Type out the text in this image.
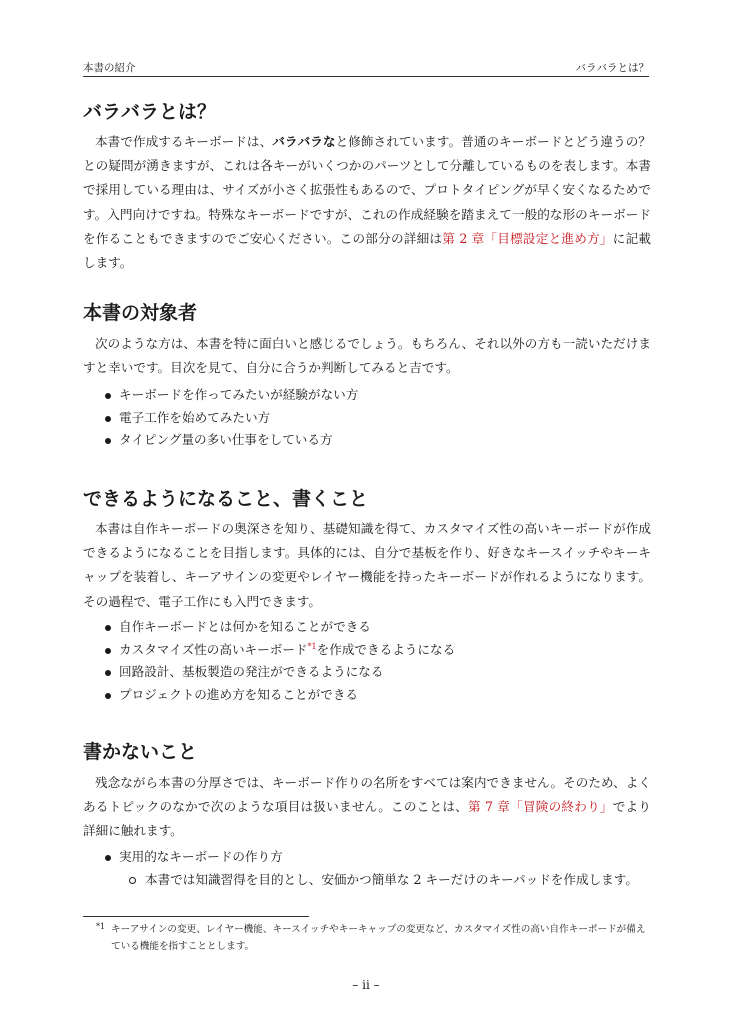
本書の紹介	バラバラとは？
バラバラとは？

本書で作成するキーボードは、バラバラなと修飾されています。普通のキーボードとどう違うの？ との疑問が湧きますが、これは各キーがいくつかのパーツとして分離しているものを表します。本書で採用している理由は、サイズが小さく拡張性もあるので、プロトタイピングが早く安くなるためです。入門向けですね。特殊なキーボードですが、これの作成経験を踏まえて一般的な形のキーボードを作ることもできますのでご安心ください。この部分の詳細は第 2 章「目標設定と進め方」に記載します。

本書の対象者

次のような方は、本書を特に面白いと感じるでしょう。もちろん、それ以外の方も一読いただけますと幸いです。目次を見て、自分に合うか判断してみると吉です。

キーボードを作ってみたいが経験がない方
電子工作を始めてみたい方
タイピング量の多い仕事をしている方
できるようになること、書くこと

本書は自作キーボードの奥深さを知り、基礎知識を得て、カスタマイズ性の高いキーボードが作成できるようになることを目指します。具体的には、自分で基板を作り、好きなキースイッチやキーキャップを装着し、キーアサインの変更やレイヤー機能を持ったキーボードが作れるようになります。その過程で、電子工作にも入門できます。

自作キーボードとは何かを知ることができる
カスタマイズ性の高いキーボード$^{*1}$を作成できるようになる
回路設計、基板製造の発注ができるようになる
プロジェクトの進め方を知ることができる
書かないこと

残念ながら本書の分厚さでは、キーボード作りの名所をすべては案内できません。そのため、よくあるトピックのなかで次のような項目は扱いません。このことは、第 7 章「冒険の終わり」でより詳細に触れます。

実用的なキーボードの作り方
本書では知識習得を目的とし、安価かつ簡単な 2 キーだけのキーパッドを作成します。
*1 キーアサインの変更、レイヤー機能、キースイッチやキーキャップの変更など、カスタマイズ性の高い自作キーボードが備えている機能を指すこととします。
– ii –
